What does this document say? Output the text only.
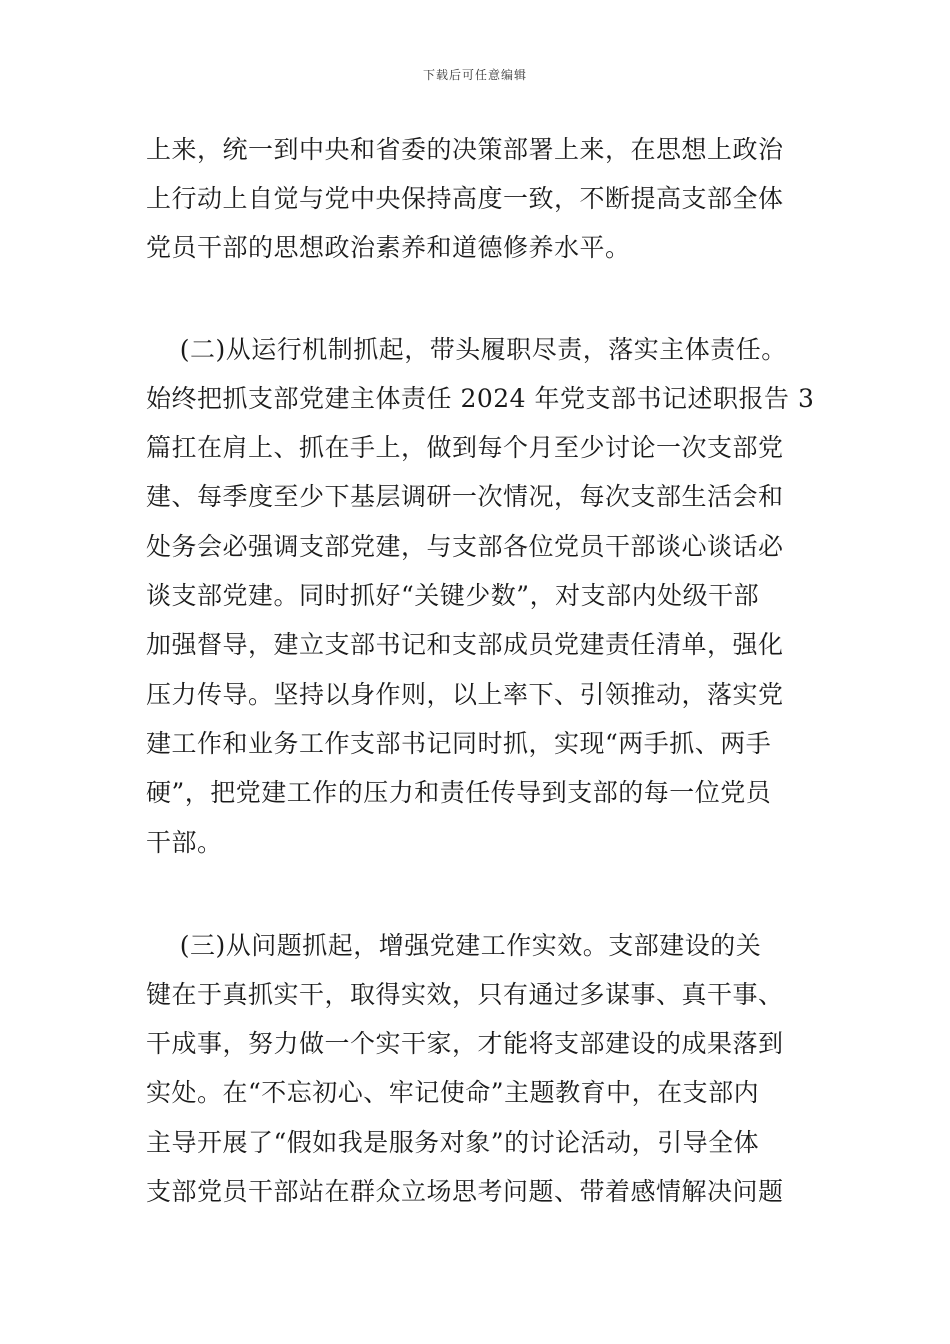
下载后可任意编辑
上来，统一到中央和省委的决策部署上来，在思想上政治
上行动上自觉与党中央保持高度一致，不断提高支部全体
党员干部的思想政治素养和道德修养水平。
(二)从运行机制抓起，带头履职尽责，落实主体责任。
始终把抓支部党建主体责任 2024 年党支部书记述职报告 3
篇扛在肩上、抓在手上，做到每个月至少讨论一次支部党
建、每季度至少下基层调研一次情况，每次支部生活会和
处务会必强调支部党建，与支部各位党员干部谈心谈话必
谈支部党建。同时抓好“关键少数”，对支部内处级干部
加强督导，建立支部书记和支部成员党建责任清单，强化
压力传导。坚持以身作则，以上率下、引领推动，落实党
建工作和业务工作支部书记同时抓，实现“两手抓、两手
硬”，把党建工作的压力和责任传导到支部的每一位党员
干部。
(三)从问题抓起，增强党建工作实效。支部建设的关
键在于真抓实干，取得实效，只有通过多谋事、真干事、
干成事，努力做一个实干家，才能将支部建设的成果落到
实处。在“不忘初心、牢记使命”主题教育中，在支部内
主导开展了“假如我是服务对象”的讨论活动，引导全体
支部党员干部站在群众立场思考问题、带着感情解决问题
